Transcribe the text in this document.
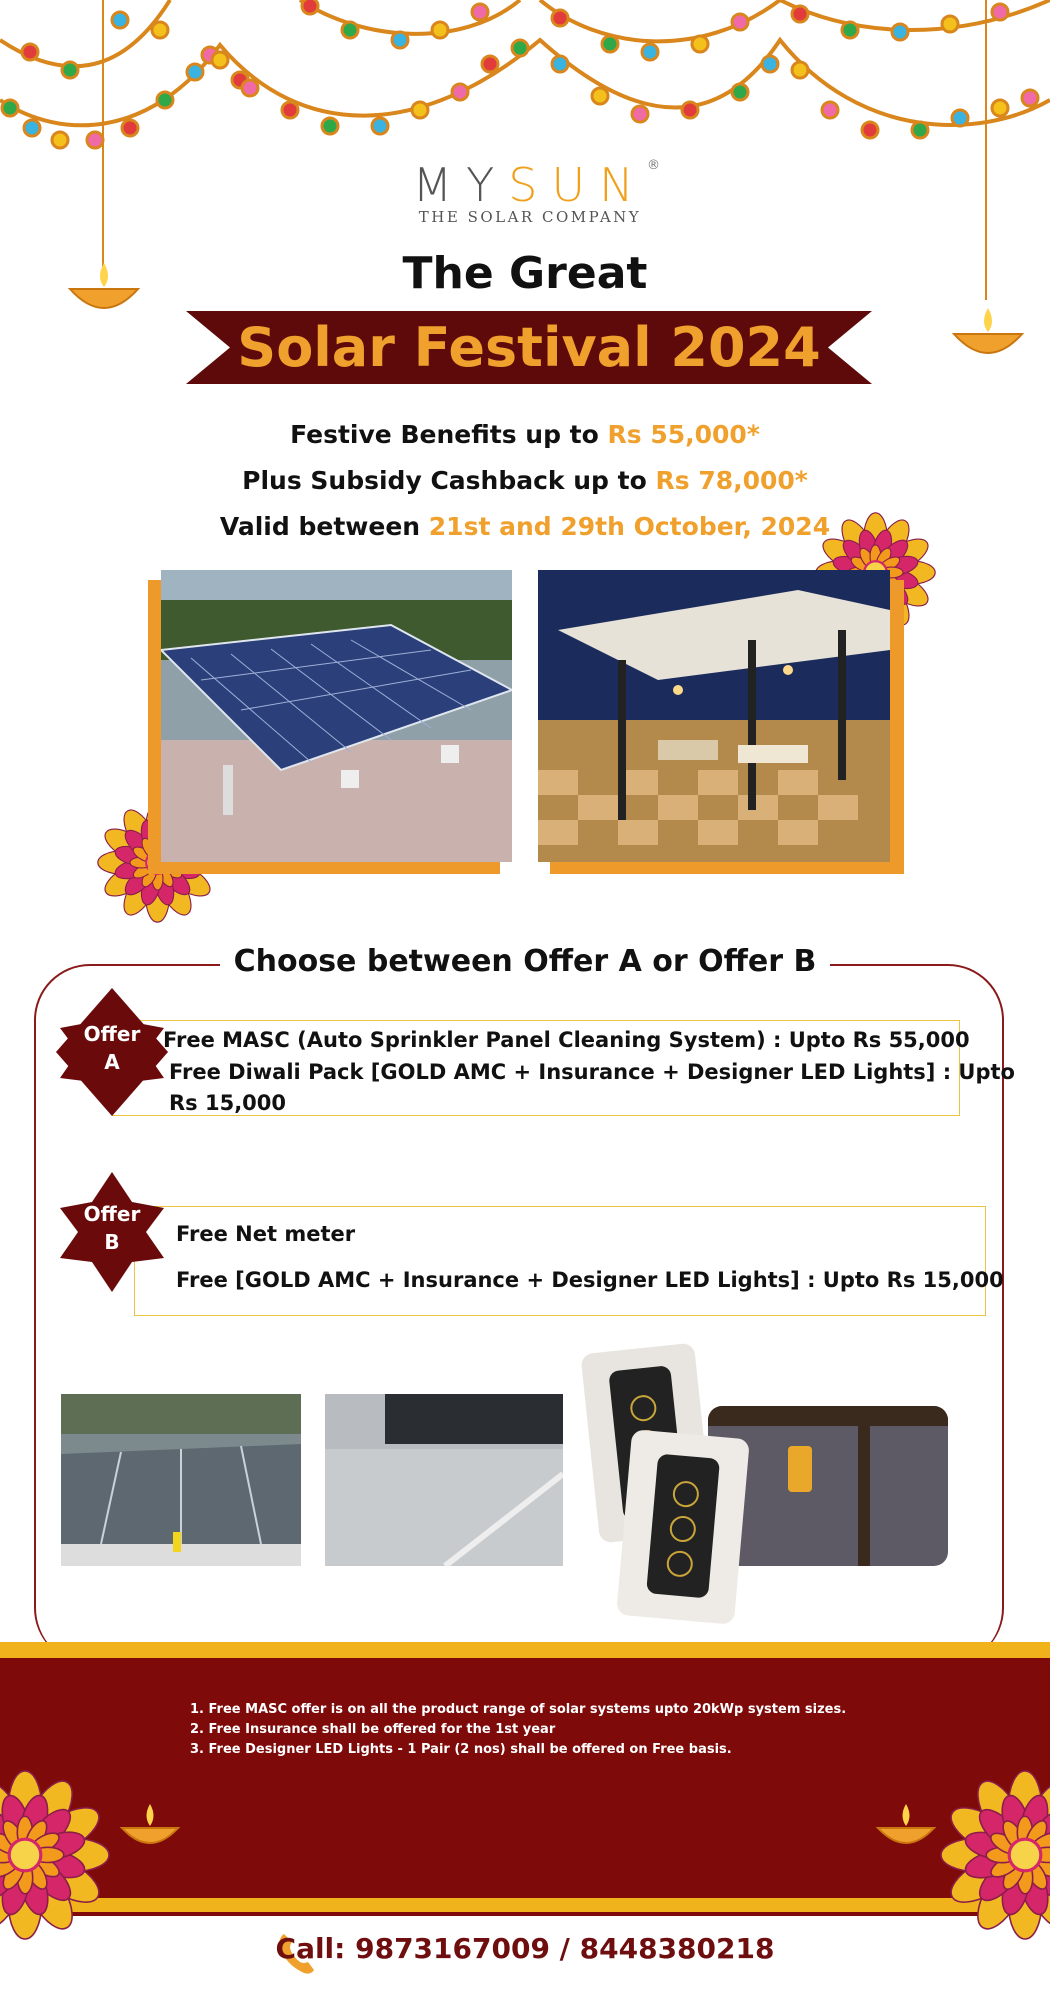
MYSUN ®
THE SOLAR COMPANY
The Great
Solar Festival 2024
Festive Benefits up to Rs 55,000*
Plus Subsidy Cashback up to Rs 78,000*
Valid between 21st and 29th October, 2024
Choose between Offer A or Offer B
Free MASC (Auto Sprinkler Panel Cleaning System) : Upto Rs 55,000
Free Diwali Pack [GOLD AMC + Insurance + Designer LED Lights] : Upto
Rs 15,000
Offer
A
Free Net meter
Free [GOLD AMC + Insurance + Designer LED Lights] : Upto Rs 15,000
Offer
B
1. Free MASC offer is on all the product range of solar systems upto 20kWp system sizes.
2. Free Insurance shall be offered for the 1st year
3. Free Designer LED Lights - 1 Pair (2 nos) shall be offered on Free basis.
Call: 9873167009 / 8448380218
